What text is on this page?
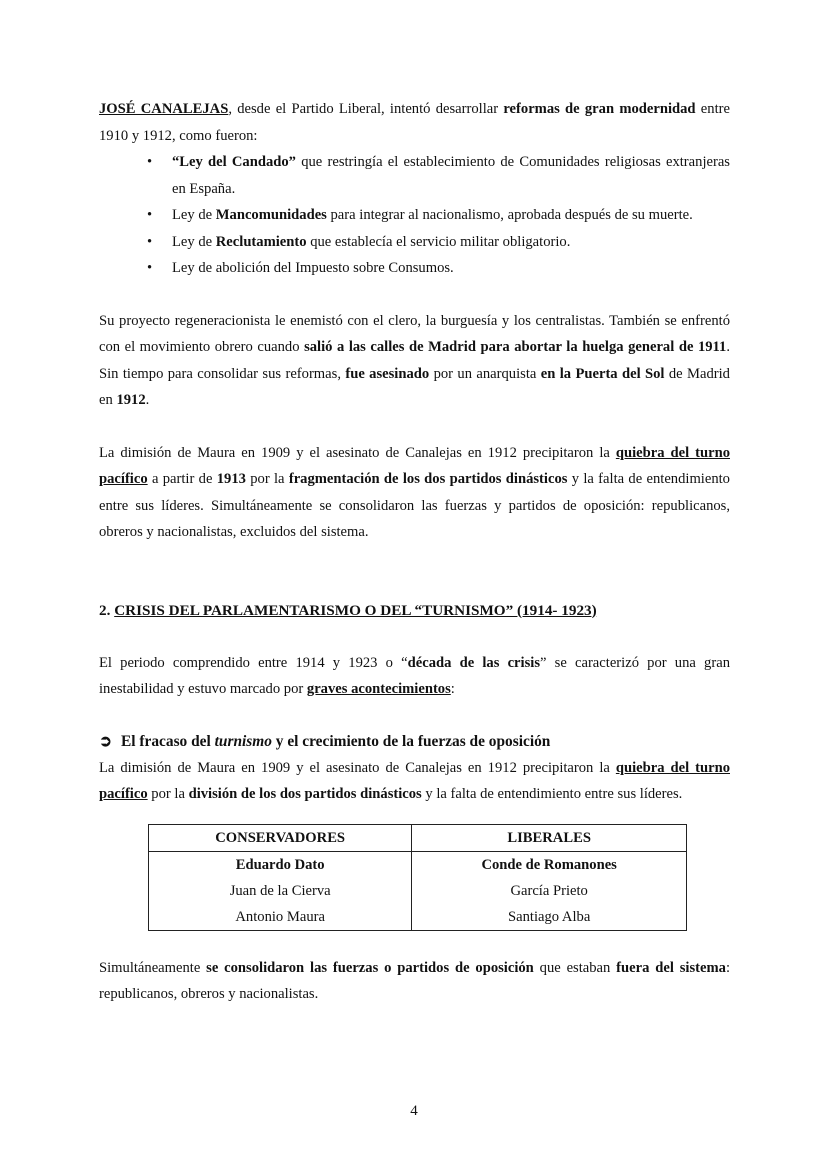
JOSÉ CANALEJAS, desde el Partido Liberal, intentó desarrollar reformas de gran modernidad entre 1910 y 1912, como fueron:

• “Ley del Candado” que restringía el establecimiento de Comunidades religiosas extranjeras en España.
• Ley de Mancomunidades para integrar al nacionalismo, aprobada después de su muerte.
• Ley de Reclutamiento que establecía el servicio militar obligatorio.
• Ley de abolición del Impuesto sobre Consumos.

Su proyecto regeneracionista le enemistó con el clero, la burguesía y los centralistas. También se enfrentó con el movimiento obrero cuando salió a las calles de Madrid para abortar la huelga general de 1911. Sin tiempo para consolidar sus reformas, fue asesinado por un anarquista en la Puerta del Sol de Madrid en 1912.

La dimisión de Maura en 1909 y el asesinato de Canalejas en 1912 precipitaron la quiebra del turno pacífico a partir de 1913 por la fragmentación de los dos partidos dinásticos y la falta de entendimiento entre sus líderes. Simultáneamente se consolidaron las fuerzas y partidos de oposición: republicanos, obreros y nacionalistas, excluidos del sistema.

2. CRISIS DEL PARLAMENTARISMO O DEL “TURNISMO” (1914- 1923)

El periodo comprendido entre 1914 y 1923 o “década de las crisis” se caracterizó por una gran inestabilidad y estuvo marcado por graves acontecimientos:

➲ El fracaso del turnismo y el crecimiento de la fuerzas de oposición

La dimisión de Maura en 1909 y el asesinato de Canalejas en 1912 precipitaron la quiebra del turno pacífico por la división de los dos partidos dinásticos y la falta de entendimiento entre sus líderes.

CONSERVADORES	LIBERALES
Eduardo Dato	Conde de Romanones
Juan de la Cierva	García Prieto
Antonio Maura	Santiago Alba

Simultáneamente se consolidaron las fuerzas o partidos de oposición que estaban fuera del sistema: republicanos, obreros y nacionalistas.

4
